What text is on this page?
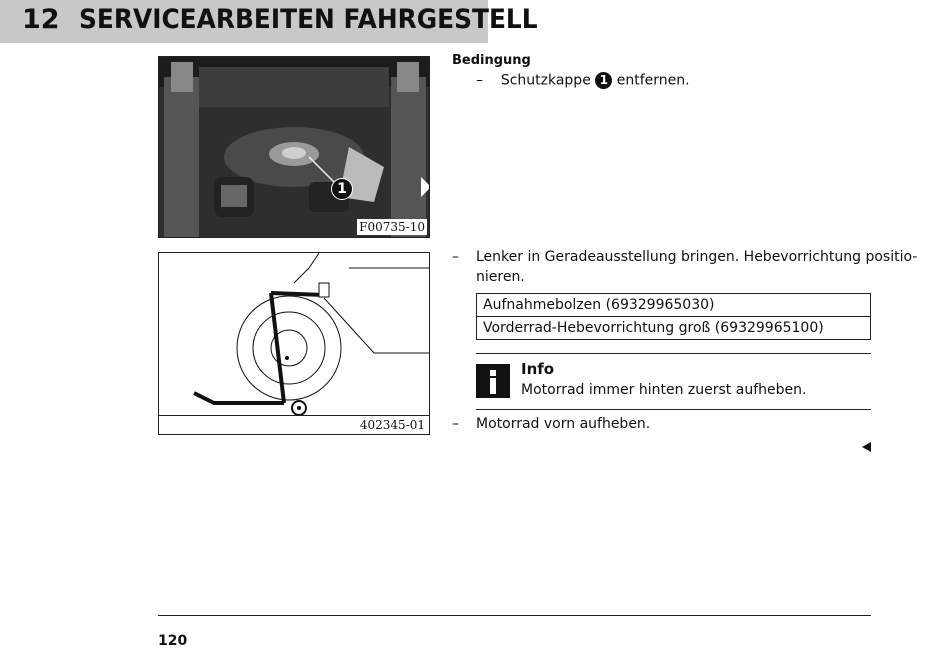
12 SERVICEARBEITEN FAHRGESTELL
1
F00735-10
402345-01
Bedingung
– Schutzkappe 1 entfernen.
– Lenker in Geradeausstellung bringen. Hebevorrichtung positio-
nieren.
Aufnahmebolzen (69329965030)
Vorderrad-Hebevorrichtung groß (69329965100)
Info
Motorrad immer hinten zuerst aufheben.
– Motorrad vorn aufheben.
120
